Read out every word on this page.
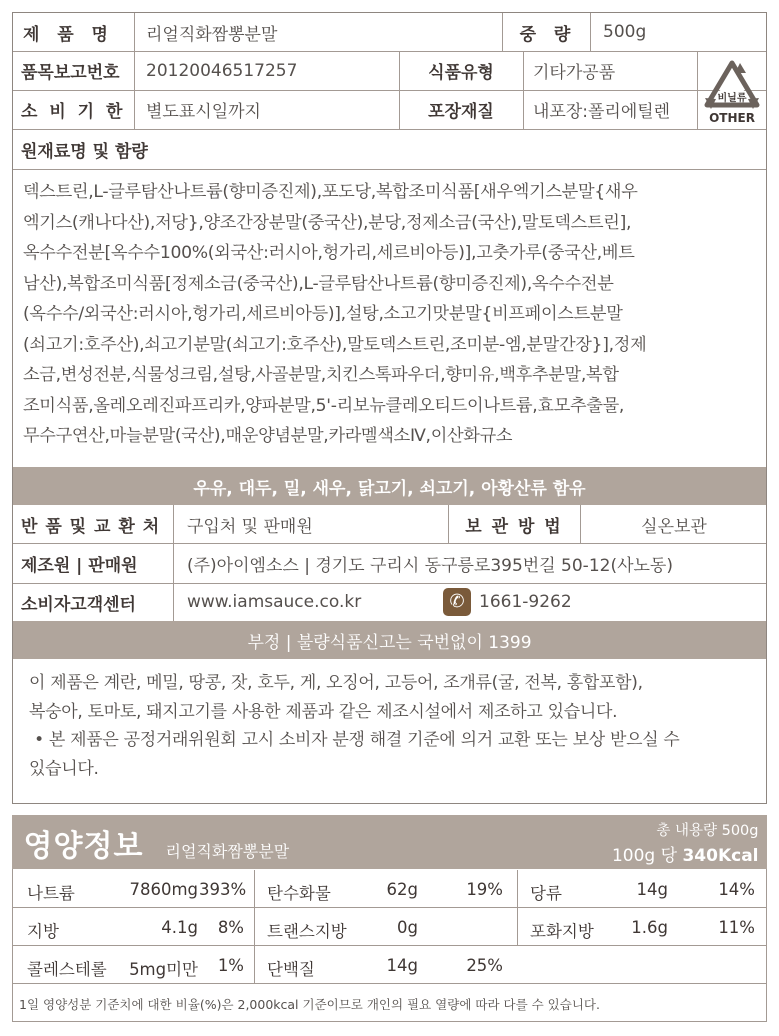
제  품  명	리얼직화짬뽕분말	중  량	500g
품목보고번호 20120046517257	식품유형	기타가공품
소 비 기 한 별도표시일까지	포장재질	내포장:폴리에틸렌
비닐류
OTHER
원재료명 및 함량
덱스트린,L-글루탐산나트륨(향미증진제),포도당,복합조미식품[새우엑기스분말{새우
엑기스(캐나다산),저당},양조간장분말(중국산),분당,정제소금(국산),말토덱스트린],
옥수수전분[옥수수100%(외국산:러시아,헝가리,세르비아등)],고춧가루(중국산,베트
남산),복합조미식품[정제소금(중국산),L-글루탐산나트륨(향미증진제),옥수수전분
(옥수수/외국산:러시아,헝가리,세르비아등)],설탕,소고기맛분말{비프페이스트분말
(쇠고기:호주산),쇠고기분말(쇠고기:호주산),말토덱스트린,조미분-엠,분말간장}],정제
소금,변성전분,식물성크림,설탕,사골분말,치킨스톡파우더,향미유,백후추분말,복합
조미식품,올레오레진파프리카,양파분말,5'-리보뉴클레오티드이나트륨,효모추출물,
무수구연산,마늘분말(국산),매운양념분말,카라멜색소Ⅳ,이산화규소
우유, 대두, 밀, 새우, 닭고기, 쇠고기, 아황산류 함유
반 품 및 교 환 처 구입처 및 판매원	보 관 방 법	실온보관
제조원 | 판매원	(주)아이엠소스 | 경기도 구리시 동구릉로395번길 50-12(사노동)
소비자고객센터	www.iamsauce.co.kr	✆ 1661-9262
부정 | 불량식품신고는 국번없이 1399
이 제품은 계란, 메밀, 땅콩, 잣, 호두, 게, 오징어, 고등어, 조개류(굴, 전복, 홍합포함),
복숭아, 토마토, 돼지고기를 사용한 제품과 같은 제조시설에서 제조하고 있습니다.
• 본 제품은 공정거래위원회 고시 소비자 분쟁 해결 기준에 의거 교환 또는 보상 받으실 수
있습니다.
영양정보 리얼직화짬뽕분말
총 내용량 500g
100g 당 340Kcal
나트륨	7860mg 393% 탄수화물	62g	19% 당류	14g	14%
지방	4.1g	8% 트랜스지방	0g	포화지방	1.6g	11%
콜레스테롤	5mg미만	1% 단백질	14g	25%
1일 영양성분 기준치에 대한 비율(%)은 2,000kcal 기준이므로 개인의 필요 열량에 따라 다를 수 있습니다.
